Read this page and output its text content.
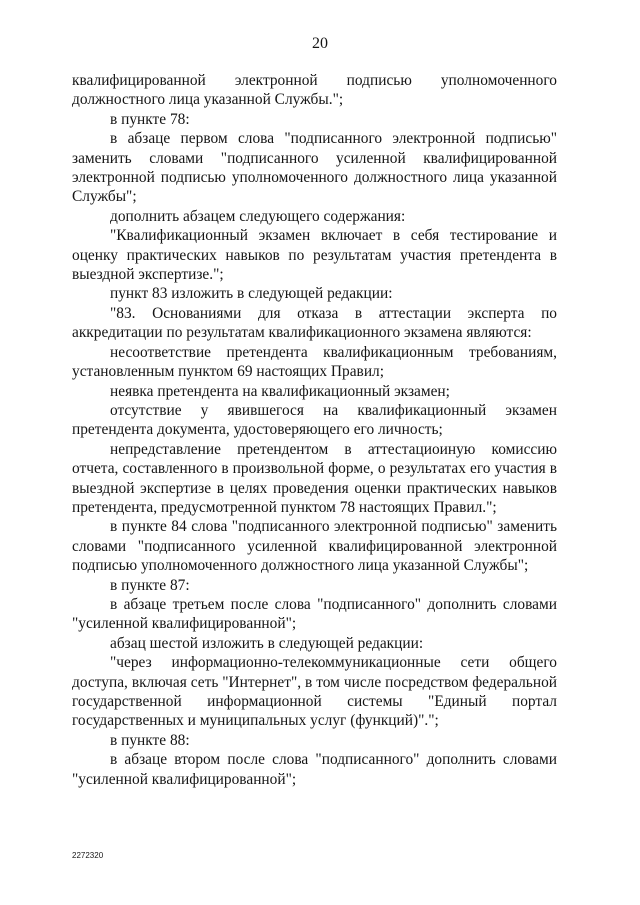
20

квалифицированной электронной подписью уполномоченного должностного лица указанной Службы.";

в пункте 78:

в абзаце первом слова "подписанного электронной подписью" заменить словами "подписанного усиленной квалифицированной электронной подписью уполномоченного должностного лица указанной Службы";

дополнить абзацем следующего содержания:

"Квалификационный экзамен включает в себя тестирование и оценку практических навыков по результатам участия претендента в выездной экспертизе.";

пункт 83 изложить в следующей редакции:

"83. Основаниями для отказа в аттестации эксперта по аккредитации по результатам квалификационного экзамена являются:

несоответствие претендента квалификационным требованиям, установленным пунктом 69 настоящих Правил;

неявка претендента на квалификационный экзамен;

отсутствие у явившегося на квалификационный экзамен претендента документа, удостоверяющего его личность;

непредставление претендентом в аттестациоиную комиссию отчета, составленного в произвольной форме, о результатах его участия в выездной экспертизе в целях проведения оценки практических навыков претендента, предусмотренной пунктом 78 настоящих Правил.";

в пункте 84 слова "подписанного электронной подписью" заменить словами "подписанного усиленной квалифицированной электронной подписью уполномоченного должностного лица указанной Службы";

в пункте 87:

в абзаце третьем после слова "подписанного" дополнить словами "усиленной квалифицированной";

абзац шестой изложить в следующей редакции:

"через информационно-телекоммуникационные сети общего доступа, включая сеть "Интернет", в том числе посредством федеральной государственной информационной системы "Единый портал государственных и муниципальных услуг (функций)".";

в пункте 88:

в абзаце втором после слова "подписанного" дополнить словами "усиленной квалифицированной";

2272320
